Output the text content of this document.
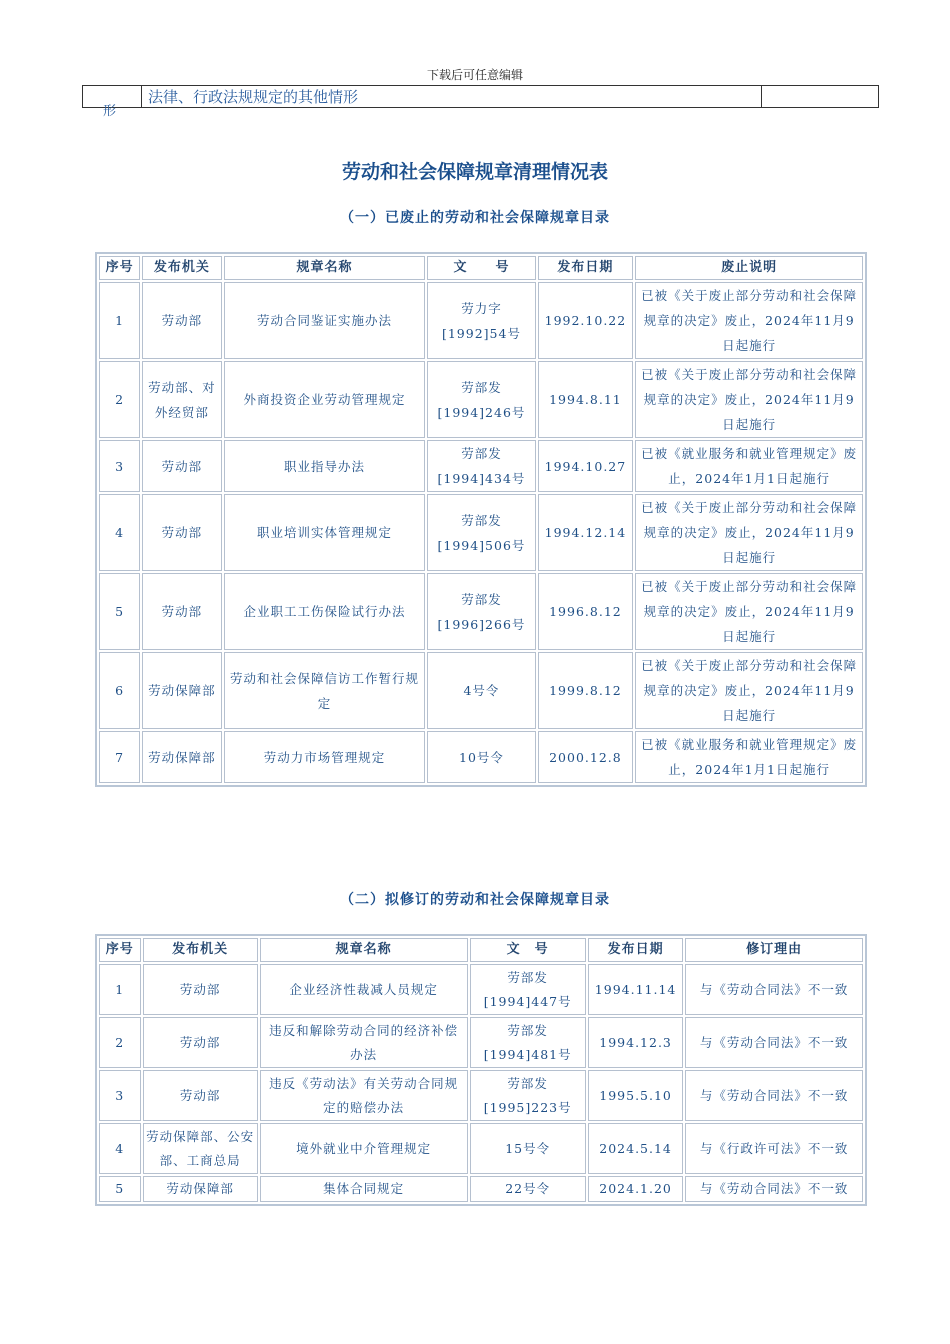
下载后可任意编辑
形
法律、行政法规规定的其他情形
劳动和社会保障规章清理情况表
（一）已废止的劳动和社会保障规章目录
序号	发布机关	规章名称	文　　号	发布日期	废止说明
1	劳动部	劳动合同鉴证实施办法	劳力字[1992]54号	1992.10.22	已被《关于废止部分劳动和社会保障规章的决定》废止，2024年11月9日起施行
2	劳动部、对外经贸部	外商投资企业劳动管理规定	劳部发[1994]246号	1994.8.11	已被《关于废止部分劳动和社会保障规章的决定》废止，2024年11月9日起施行
3	劳动部	职业指导办法	劳部发[1994]434号	1994.10.27	已被《就业服务和就业管理规定》废止，2024年1月1日起施行
4	劳动部	职业培训实体管理规定	劳部发[1994]506号	1994.12.14	已被《关于废止部分劳动和社会保障规章的决定》废止，2024年11月9日起施行
5	劳动部	企业职工工伤保险试行办法	劳部发[1996]266号	1996.8.12	已被《关于废止部分劳动和社会保障规章的决定》废止，2024年11月9日起施行
6	劳动保障部	劳动和社会保障信访工作暂行规定	4号令	1999.8.12	已被《关于废止部分劳动和社会保障规章的决定》废止，2024年11月9日起施行
7	劳动保障部	劳动力市场管理规定	10号令	2000.12.8	已被《就业服务和就业管理规定》废止，2024年1月1日起施行
（二）拟修订的劳动和社会保障规章目录
序号	发布机关	规章名称	文　号	发布日期	修订理由
1	劳动部	企业经济性裁减人员规定	劳部发[1994]447号	1994.11.14	与《劳动合同法》不一致
2	劳动部	违反和解除劳动合同的经济补偿办法	劳部发[1994]481号	1994.12.3	与《劳动合同法》不一致
3	劳动部	违反《劳动法》有关劳动合同规定的赔偿办法	劳部发[1995]223号	1995.5.10	与《劳动合同法》不一致
4	劳动保障部、公安部、工商总局	境外就业中介管理规定	15号令	2024.5.14	与《行政许可法》不一致
5	劳动保障部	集体合同规定	22号令	2024.1.20	与《劳动合同法》不一致
